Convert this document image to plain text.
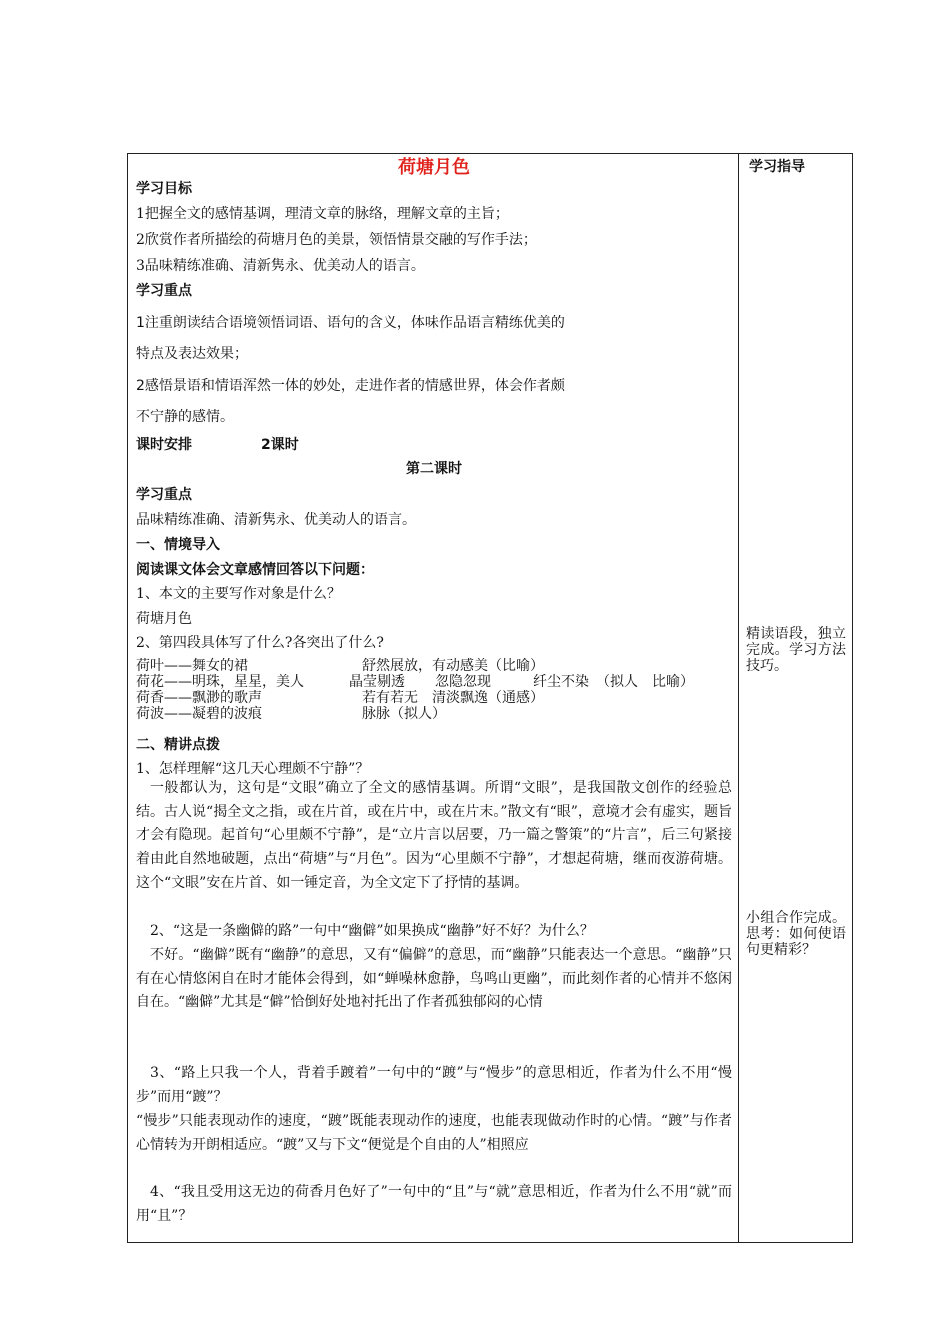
学习指导
精读语段，独立完成。学习方法技巧。
小组合作完成。思考：如何使语句更精彩？
荷塘月色
学习目标
1把握全文的感情基调，理清文章的脉络，理解文章的主旨；
2欣赏作者所描绘的荷塘月色的美景，领悟情景交融的写作手法；
3品味精练准确、清新隽永、优美动人的语言。
学习重点
1注重朗读结合语境领悟词语、语句的含义，体味作品语言精练优美的
特点及表达效果；
2感悟景语和情语浑然一体的妙处，走进作者的情感世界，体会作者颇
不宁静的感情。
课时安排	2课时
第二课时
学习重点
品味精练准确、清新隽永、优美动人的语言。
一、情境导入
阅读课文体会文章感情回答以下问题：
1、本文的主要写作对象是什么？
荷塘月色
2、第四段具体写了什么?各突出了什么?
荷叶——舞女的裙	舒然展放，有动感美（比喻）
荷花——明珠，星星，美人	晶莹剔透 忽隐忽现	纤尘不染　（拟人　比喻）
荷香——飘渺的歌声	若有若无　清淡飘逸（通感）
荷波——凝碧的波痕	脉脉（拟人）
二、精讲点拨
1、怎样理解“这几天心理颇不宁静”？
一般都认为，这句是“文眼”确立了全文的感情基调。所谓“文眼”，是我国散文创作的经验总结。古人说“揭全文之指，或在片首，或在片中，或在片末。”散文有“眼”，意境才会有虚实，题旨才会有隐现。起首句“心里颇不宁静”，是“立片言以居要，乃一篇之警策”的“片言”，后三句紧接着由此自然地破题，点出“荷塘”与“月色”。因为“心里颇不宁静”，才想起荷塘，继而夜游荷塘。这个“文眼”安在片首、如一锤定音，为全文定下了抒情的基调。
2、“这是一条幽僻的路”一句中“幽僻”如果换成“幽静”好不好？为什么？
不好。“幽僻”既有“幽静”的意思，又有“偏僻”的意思，而“幽静”只能表达一个意思。“幽静”只有在心情悠闲自在时才能体会得到，如“蝉噪林愈静，鸟鸣山更幽”，而此刻作者的心情并不悠闲自在。“幽僻”尤其是“僻”恰倒好处地衬托出了作者孤独郁闷的心情
3、“路上只我一个人，背着手踱着”一句中的“踱”与“慢步”的意思相近，作者为什么不用“慢步”而用“踱”？
“慢步”只能表现动作的速度，“踱”既能表现动作的速度，也能表现做动作时的心情。“踱”与作者心情转为开朗相适应。“踱”又与下文“便觉是个自由的人”相照应
4、“我且受用这无边的荷香月色好了”一句中的“且”与“就”意思相近，作者为什么不用“就”而用“且”？
